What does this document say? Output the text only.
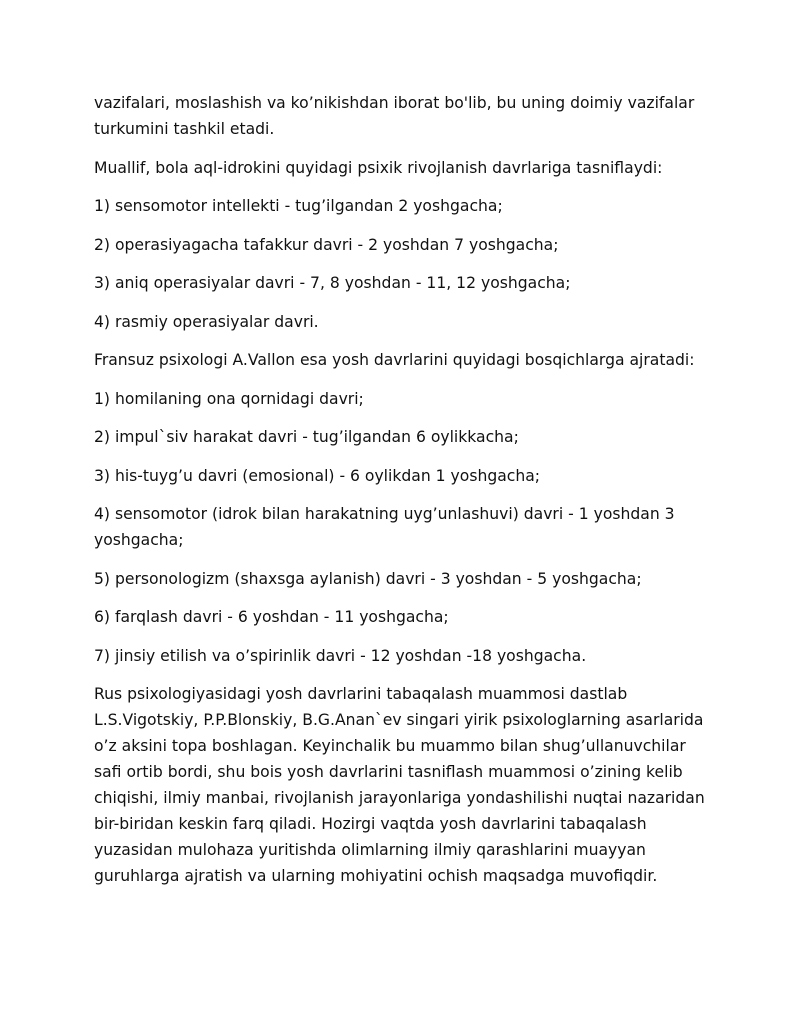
vazifalari, moslashish va ko’nikishdan iborat bo'lib, bu uning doimiy vazifalar turkumini tashkil etadi.

Muallif, bola aql-idrokini quyidagi psixik rivojlanish davrlariga tasniflaydi:

1) sensomotor intellekti - tug’ilgandan 2 yoshgacha;

2) operasiyagacha tafakkur davri - 2 yoshdan 7 yoshgacha;

3) aniq operasiyalar davri - 7, 8 yoshdan - 11, 12 yoshgacha;

4) rasmiy operasiyalar davri.

Fransuz psixologi A.Vallon esa yosh davrlarini quyidagi bosqichlarga ajratadi:

1) homilaning ona qornidagi davri;

2) impul`siv harakat davri - tug’ilgandan 6 oylikkacha;

3) his-tuyg’u davri (emosional) - 6 oylikdan 1 yoshgacha;

4) sensomotor (idrok bilan harakatning uyg’unlashuvi) davri - 1 yoshdan 3 yoshgacha;

5) personologizm (shaxsga aylanish) davri - 3 yoshdan - 5 yoshgacha;

6) farqlash davri - 6 yoshdan - 11 yoshgacha;

7) jinsiy etilish va o’spirinlik davri - 12 yoshdan -18 yoshgacha.

Rus psixologiyasidagi yosh davrlarini tabaqalash muammosi dastlab L.S.Vigotskiy, P.P.Blonskiy, B.G.Anan`ev singari yirik psixologlarning asarlarida o’z aksini topa boshlagan. Keyinchalik bu muammo bilan shug’ullanuvchilar safi ortib bordi, shu bois yosh davrlarini tasniflash muammosi o’zining kelib chiqishi, ilmiy manbai, rivojlanish jarayonlariga yondashilishi nuqtai nazaridan bir-biridan keskin farq qiladi. Hozirgi vaqtda yosh davrlarini tabaqalash yuzasidan mulohaza yuritishda olimlarning ilmiy qarashlarini muayyan guruhlarga ajratish va ularning mohiyatini ochish maqsadga muvofiqdir.
